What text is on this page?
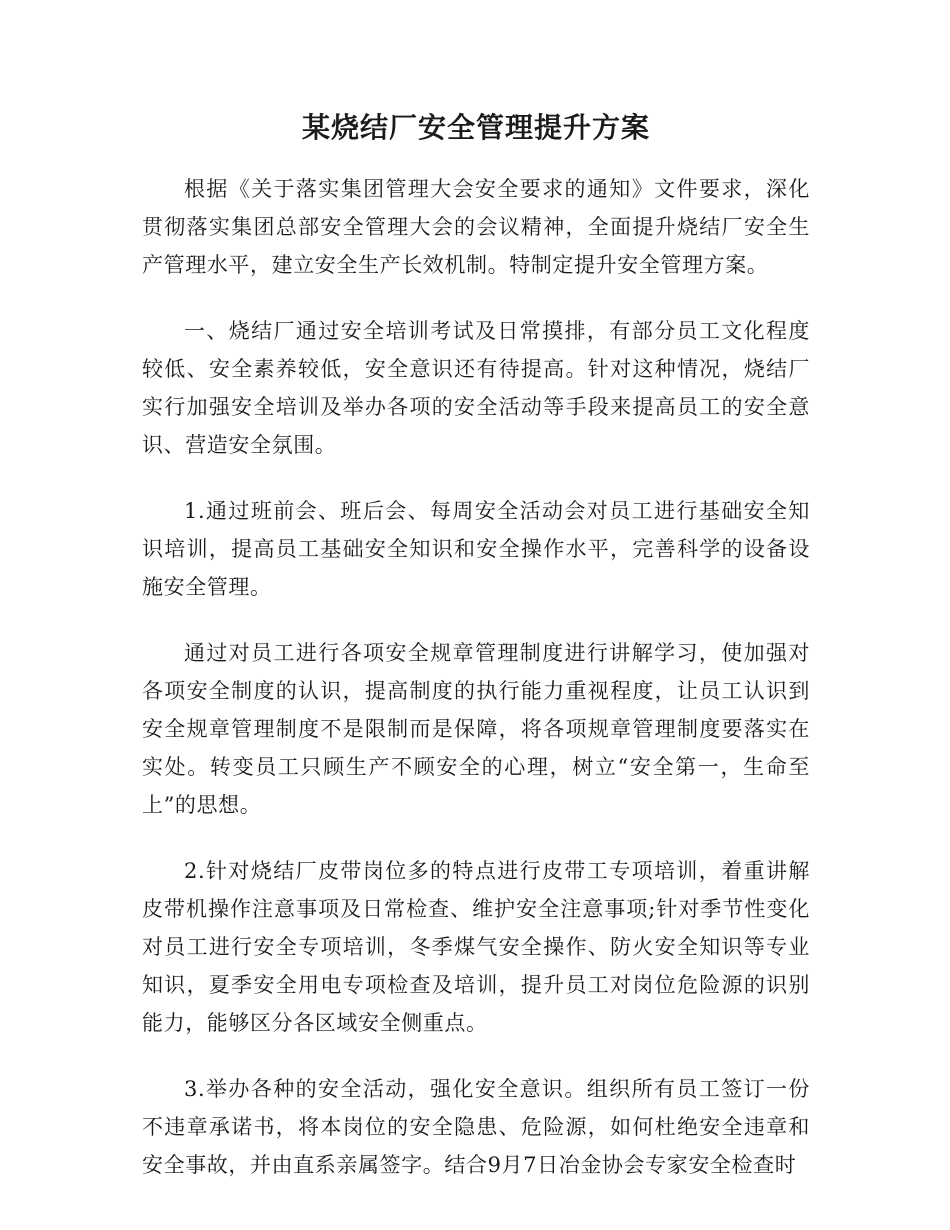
某烧结厂安全管理提升方案

根据《关于落实集团管理大会安全要求的通知》文件要求，深化贯彻落实集团总部安全管理大会的会议精神，全面提升烧结厂安全生产管理水平，建立安全生产长效机制。特制定提升安全管理方案。

一、烧结厂通过安全培训考试及日常摸排，有部分员工文化程度较低、安全素养较低，安全意识还有待提高。针对这种情况，烧结厂实行加强安全培训及举办各项的安全活动等手段来提高员工的安全意识、营造安全氛围。

1.通过班前会、班后会、每周安全活动会对员工进行基础安全知识培训，提高员工基础安全知识和安全操作水平，完善科学的设备设施安全管理。

通过对员工进行各项安全规章管理制度进行讲解学习，使加强对各项安全制度的认识，提高制度的执行能力重视程度，让员工认识到安全规章管理制度不是限制而是保障，将各项规章管理制度要落实在实处。转变员工只顾生产不顾安全的心理，树立“安全第一，生命至上”的思想。

2.针对烧结厂皮带岗位多的特点进行皮带工专项培训，着重讲解皮带机操作注意事项及日常检查、维护安全注意事项;针对季节性变化对员工进行安全专项培训，冬季煤气安全操作、防火安全知识等专业知识，夏季安全用电专项检查及培训，提升员工对岗位危险源的识别能力，能够区分各区域安全侧重点。

3.举办各种的安全活动，强化安全意识。组织所有员工签订一份不违章承诺书，将本岗位的安全隐患、危险源，如何杜绝安全违章和安全事故，并由直系亲属签字。结合9月7日冶金协会专家安全检查时
